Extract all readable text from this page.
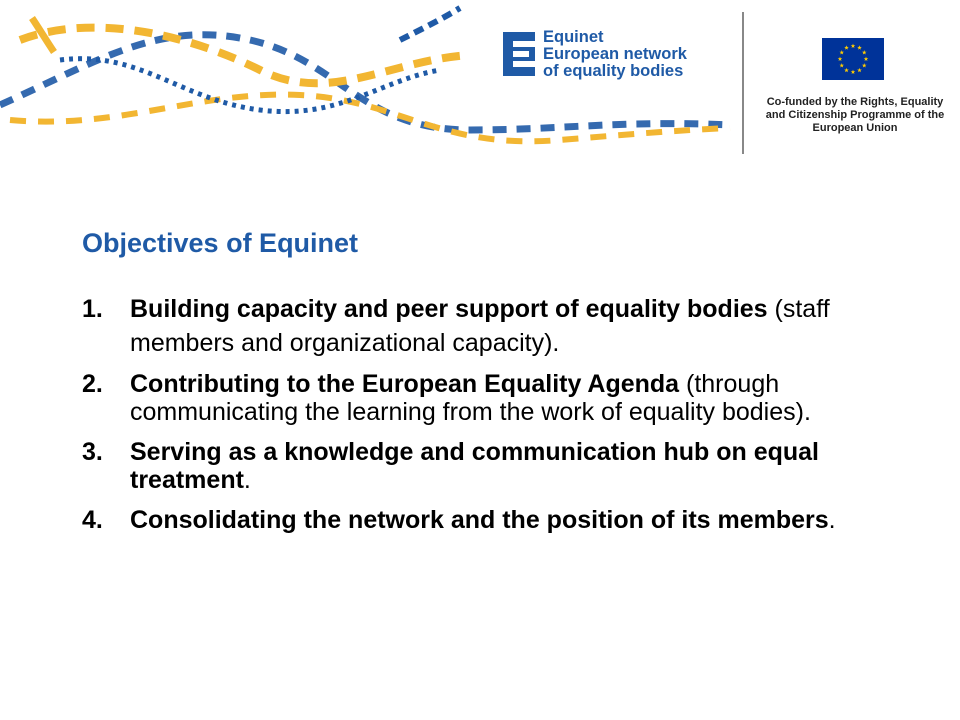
Equinet
European network
of equality bodies
Co-funded by the Rights, Equality
and Citizenship Programme of the
European Union
Objectives of Equinet
1. Building capacity and peer support of equality bodies (staff members and organizational capacity).
2. Contributing to the European Equality Agenda (through communicating the learning from the work of equality bodies).
3. Serving as a knowledge and communication hub on equal treatment.
4. Consolidating the network and the position of its members.
